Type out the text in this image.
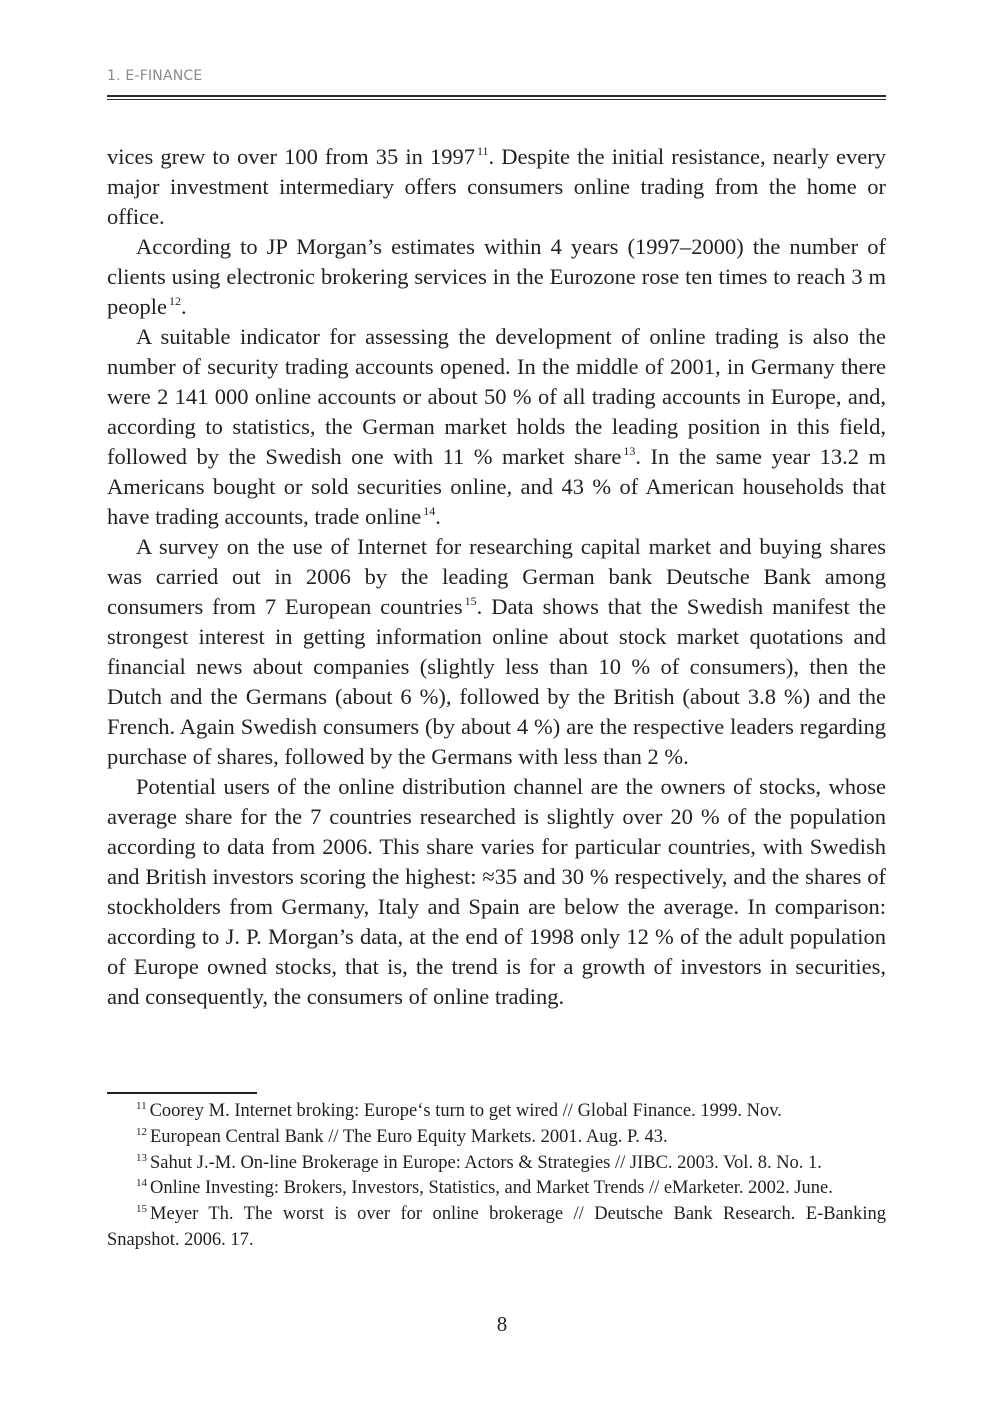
1. E-FINANCE

vices grew to over 100 from 35 in 1997 $^{11}$. Despite the initial resistance, nearly every major investment intermediary offers consumers online trading from the home or office.

According to JP Morgan’s estimates within 4 years (1997–2000) the number of clients using electronic brokering services in the Eurozone rose ten times to reach 3 m people $^{12}$.

A suitable indicator for assessing the development of online trading is also the number of security trading accounts opened. In the middle of 2001, in Germany there were 2 141 000 online accounts or about 50 % of all trading accounts in Europe, and, according to statistics, the German market holds the leading position in this field, followed by the Swedish one with 11 % market share $^{13}$. In the same year 13.2 m Americans bought or sold securities online, and 43 % of American households that have trading accounts, trade online $^{14}$.

A survey on the use of Internet for researching capital market and buying shares was carried out in 2006 by the leading German bank Deutsche Bank among consumers from 7 European countries $^{15}$. Data shows that the Swedish manifest the strongest interest in getting information online about stock market quotations and financial news about companies (slightly less than 10 % of consumers), then the Dutch and the Germans (about 6 %), followed by the British (about 3.8 %) and the French. Again Swedish consumers (by about 4 %) are the respective leaders regarding purchase of shares, followed by the Germans with less than 2 %.

Potential users of the online distribution channel are the owners of stocks, whose average share for the 7 countries researched is slightly over 20 % of the population according to data from 2006. This share varies for particular countries, with Swedish and British investors scoring the highest: ≈35 and 30 % respectively, and the shares of stockholders from Germany, Italy and Spain are below the average. In comparison: according to J. P. Morgan’s data, at the end of 1998 only 12 % of the adult population of Europe owned stocks, that is, the trend is for a growth of investors in securities, and consequently, the consumers of online trading.

$^{11}$ Coorey M. Internet broking: Europe‘s turn to get wired // Global Finance. 1999. Nov.

$^{12}$ European Central Bank // The Euro Equity Markets. 2001. Aug. P. 43.

$^{13}$ Sahut J.-M. On-line Brokerage in Europe: Actors & Strategies // JIBC. 2003. Vol. 8. No. 1.

$^{14}$ Online Investing: Brokers, Investors, Statistics, and Market Trends // eMarketer. 2002. June.

$^{15}$ Meyer Th. The worst is over for online brokerage // Deutsche Bank Research. E-Banking Snapshot. 2006. 17.

8
